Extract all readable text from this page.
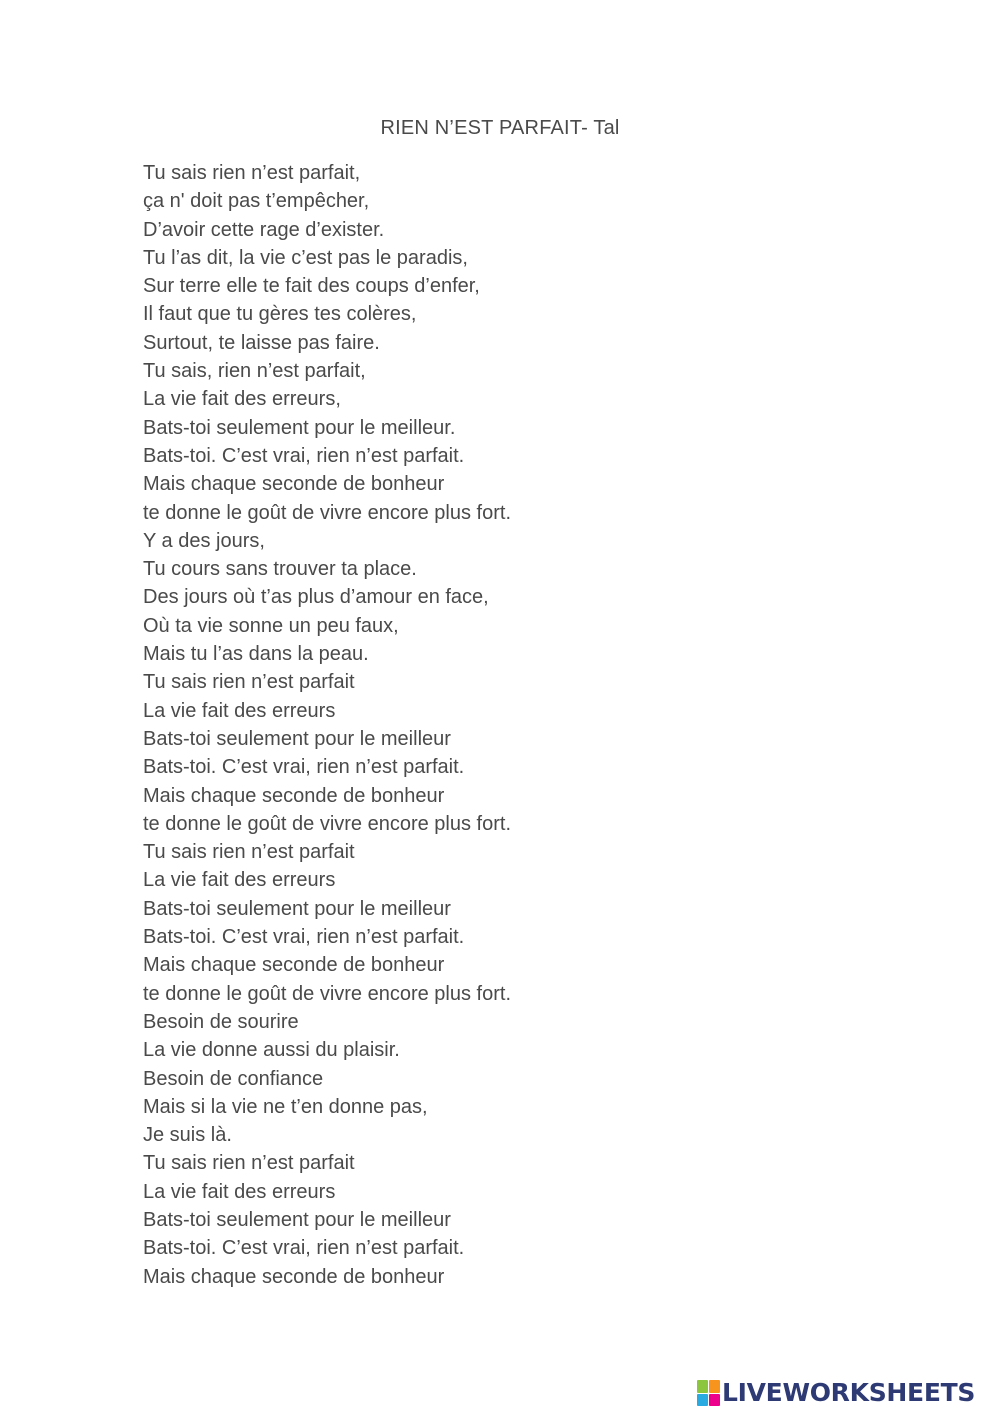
RIEN N’EST PARFAIT- Tal
Tu sais rien n’est parfait,
ça n' doit pas t’empêcher,
D’avoir cette rage d’exister.
Tu l’as dit, la vie c’est pas le paradis,
Sur terre elle te fait des coups d’enfer,
Il faut que tu gères tes colères,
Surtout, te laisse pas faire.
Tu sais, rien n’est parfait,
La vie fait des erreurs,
Bats-toi seulement pour le meilleur.
Bats-toi. C’est vrai, rien n’est parfait.
Mais chaque seconde de bonheur
te donne le goût de vivre encore plus fort.
Y a des jours,
Tu cours sans trouver ta place.
Des jours où t’as plus d’amour en face,
Où ta vie sonne un peu faux,
Mais tu l’as dans la peau.
Tu sais rien n’est parfait
La vie fait des erreurs
Bats-toi seulement pour le meilleur
Bats-toi. C’est vrai, rien n’est parfait.
Mais chaque seconde de bonheur
te donne le goût de vivre encore plus fort.
Tu sais rien n’est parfait
La vie fait des erreurs
Bats-toi seulement pour le meilleur
Bats-toi. C’est vrai, rien n’est parfait.
Mais chaque seconde de bonheur
te donne le goût de vivre encore plus fort.
Besoin de sourire
La vie donne aussi du plaisir.
Besoin de confiance
Mais si la vie ne t’en donne pas,
Je suis là.
Tu sais rien n’est parfait
La vie fait des erreurs
Bats-toi seulement pour le meilleur
Bats-toi. C’est vrai, rien n’est parfait.
Mais chaque seconde de bonheur
LIVEWORKSHEETS
